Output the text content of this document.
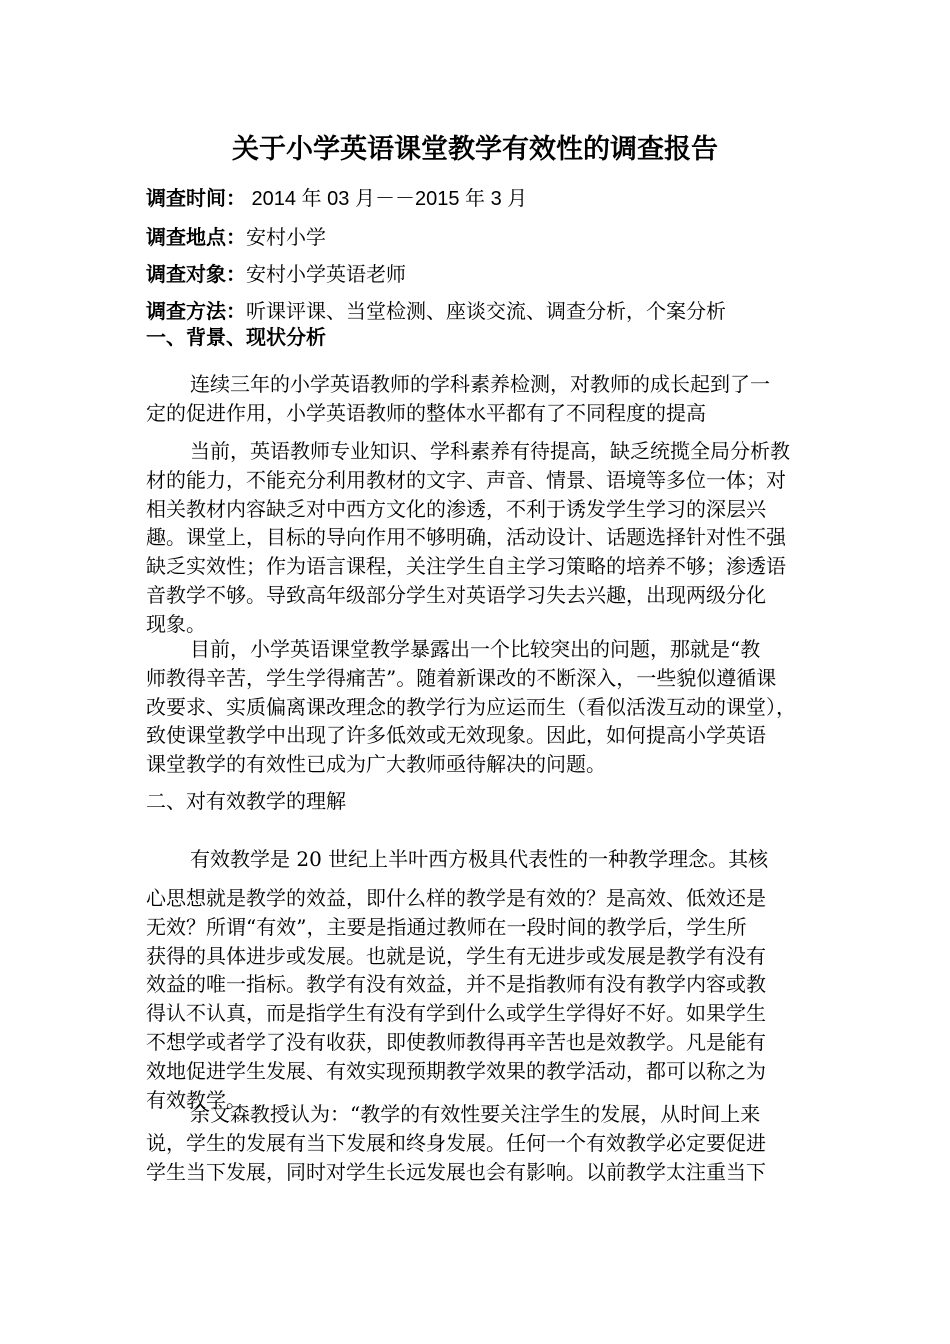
关于小学英语课堂教学有效性的调查报告
调查时间： 2014 年 03 月－－2015 年 3 月
调查地点：安村小学
调查对象：安村小学英语老师
调查方法：听课评课、当堂检测、座谈交流、调查分析，个案分析
一、背景、现状分析
连续三年的小学英语教师的学科素养检测，对教师的成长起到了一
定的促进作用，小学英语教师的整体水平都有了不同程度的提高
当前，英语教师专业知识、学科素养有待提高，缺乏统揽全局分析教
材的能力，不能充分利用教材的文字、声音、情景、语境等多位一体；对
相关教材内容缺乏对中西方文化的渗透，不利于诱发学生学习的深层兴
趣。课堂上，目标的导向作用不够明确，活动设计、话题选择针对性不强
缺乏实效性；作为语言课程，关注学生自主学习策略的培养不够；渗透语
音教学不够。导致高年级部分学生对英语学习失去兴趣，出现两级分化
现象。
目前，小学英语课堂教学暴露出一个比较突出的问题，那就是“教
师教得辛苦，学生学得痛苦”。随着新课改的不断深入，一些貌似遵循课
改要求、实质偏离课改理念的教学行为应运而生（看似活泼互动的课堂），
致使课堂教学中出现了许多低效或无效现象。因此，如何提高小学英语
课堂教学的有效性已成为广大教师亟待解决的问题。
二、对有效教学的理解
有效教学是 20 世纪上半叶西方极具代表性的一种教学理念。其核
心思想就是教学的效益，即什么样的教学是有效的？是高效、低效还是
无效？所谓“有效”，主要是指通过教师在一段时间的教学后，学生所
获得的具体进步或发展。也就是说，学生有无进步或发展是教学有没有
效益的唯一指标。教学有没有效益，并不是指教师有没有教学内容或教
得认不认真，而是指学生有没有学到什么或学生学得好不好。如果学生
不想学或者学了没有收获，即使教师教得再辛苦也是效教学。凡是能有
效地促进学生发展、有效实现预期教学效果的教学活动，都可以称之为
有效教学。
余文森教授认为：“教学的有效性要关注学生的发展，从时间上来
说，学生的发展有当下发展和终身发展。任何一个有效教学必定要促进
学生当下发展，同时对学生长远发展也会有影响。以前教学太注重当下
